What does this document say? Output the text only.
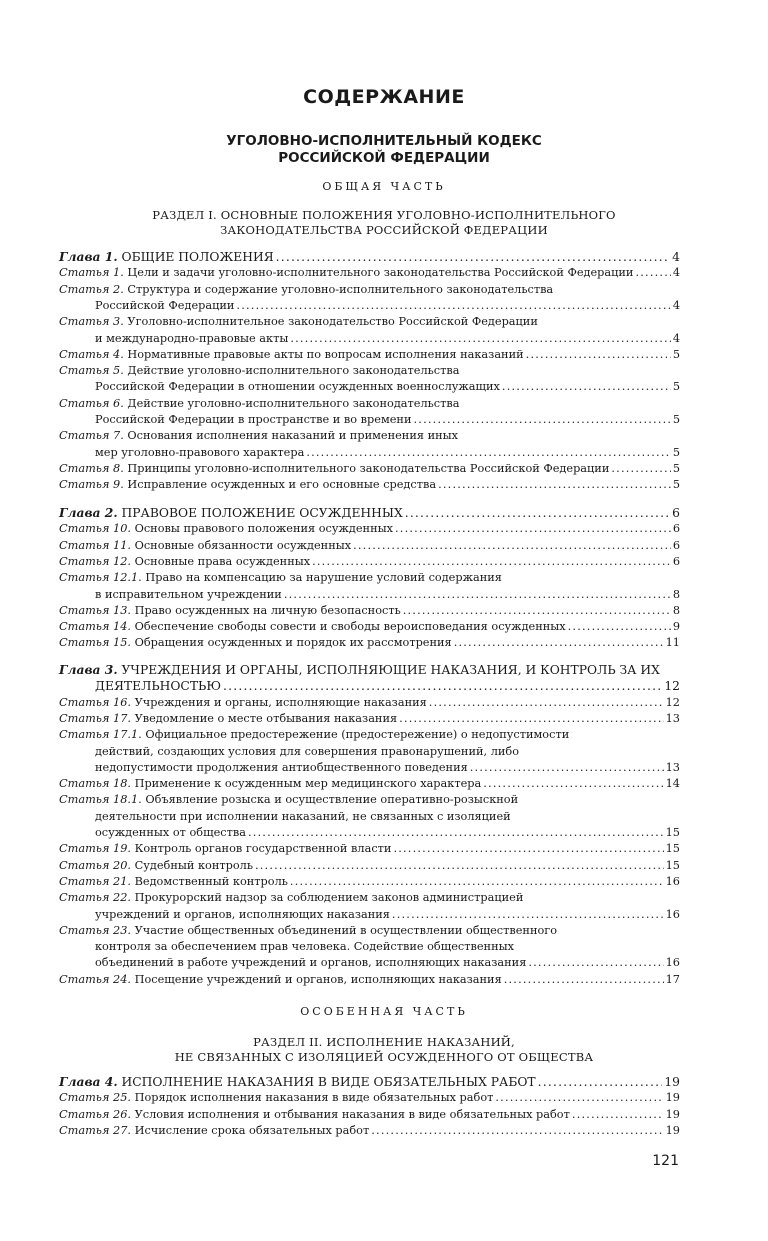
СОДЕРЖАНИЕ
УГОЛОВНО-ИСПОЛНИТЕЛЬНЫЙ КОДЕКС
РОССИЙСКОЙ ФЕДЕРАЦИИ
ОБЩАЯ ЧАСТЬ
РАЗДЕЛ I. ОСНОВНЫЕ ПОЛОЖЕНИЯ УГОЛОВНО-ИСПОЛНИТЕЛЬНОГО
ЗАКОНОДАТЕЛЬСТВА РОССИЙСКОЙ ФЕДЕРАЦИИ
ОСОБЕННАЯ ЧАСТЬ
РАЗДЕЛ II. ИСПОЛНЕНИЕ НАКАЗАНИЙ,
НЕ СВЯЗАННЫХ С ИЗОЛЯЦИЕЙ ОСУЖДЕННОГО ОТ ОБЩЕСТВА
Глава 1. ОБЩИЕ ПОЛОЖЕНИЯ .....	4
Статья 1. Цели и задачи уголовно-исполнительного законодательства Российской Федерации .....	4
Статья 2. Структура и содержание уголовно-исполнительного законодательства
Российской Федерации .....	4
Статья 3. Уголовно-исполнительное законодательство Российской Федерации
и международно-правовые акты .....	4
Статья 4. Нормативные правовые акты по вопросам исполнения наказаний .....	5
Статья 5. Действие уголовно-исполнительного законодательства
Российской Федерации в отношении осужденных военнослужащих .....	5
Статья 6. Действие уголовно-исполнительного законодательства
Российской Федерации в пространстве и во времени .....	5
Статья 7. Основания исполнения наказаний и применения иных
мер уголовно-правового характера .....	5
Статья 8. Принципы уголовно-исполнительного законодательства Российской Федерации .....	5
Статья 9. Исправление осужденных и его основные средства .....	5
Глава 2. ПРАВОВОЕ ПОЛОЖЕНИЕ ОСУЖДЕННЫХ .....	6
Статья 10. Основы правового положения осужденных .....	6
Статья 11. Основные обязанности осужденных .....	6
Статья 12. Основные права осужденных .....	6
Статья 12.1. Право на компенсацию за нарушение условий содержания
в исправительном учреждении .....	8
Статья 13. Право осужденных на личную безопасность .....	8
Статья 14. Обеспечение свободы совести и свободы вероисповедания осужденных .....	9
Статья 15. Обращения осужденных и порядок их рассмотрения .....	11
Глава 3. УЧРЕЖДЕНИЯ И ОРГАНЫ, ИСПОЛНЯЮЩИЕ НАКАЗАНИЯ, И КОНТРОЛЬ ЗА ИХ
ДЕЯТЕЛЬНОСТЬЮ .....	12
Статья 16. Учреждения и органы, исполняющие наказания .....	12
Статья 17. Уведомление о месте отбывания наказания .....	13
Статья 17.1. Официальное предостережение (предостережение) о недопустимости
действий, создающих условия для совершения правонарушений, либо
недопустимости продолжения антиобщественного поведения .....	13
Статья 18. Применение к осужденным мер медицинского характера .....	14
Статья 18.1. Объявление розыска и осуществление оперативно-розыскной
деятельности при исполнении наказаний, не связанных с изоляцией
осужденных от общества .....	15
Статья 19. Контроль органов государственной власти .....	15
Статья 20. Судебный контроль .....	15
Статья 21. Ведомственный контроль .....	16
Статья 22. Прокурорский надзор за соблюдением законов администрацией
учреждений и органов, исполняющих наказания .....	16
Статья 23. Участие общественных объединений в осуществлении общественного
контроля за обеспечением прав человека. Содействие общественных
объединений в работе учреждений и органов, исполняющих наказания .....	16
Статья 24. Посещение учреждений и органов, исполняющих наказания .....	17
Глава 4. ИСПОЛНЕНИЕ НАКАЗАНИЯ В ВИДЕ ОБЯЗАТЕЛЬНЫХ РАБОТ .....	19
Статья 25. Порядок исполнения наказания в виде обязательных работ .....	19
Статья 26. Условия исполнения и отбывания наказания в виде обязательных работ .....	19
Статья 27. Исчисление срока обязательных работ .....	19
121
